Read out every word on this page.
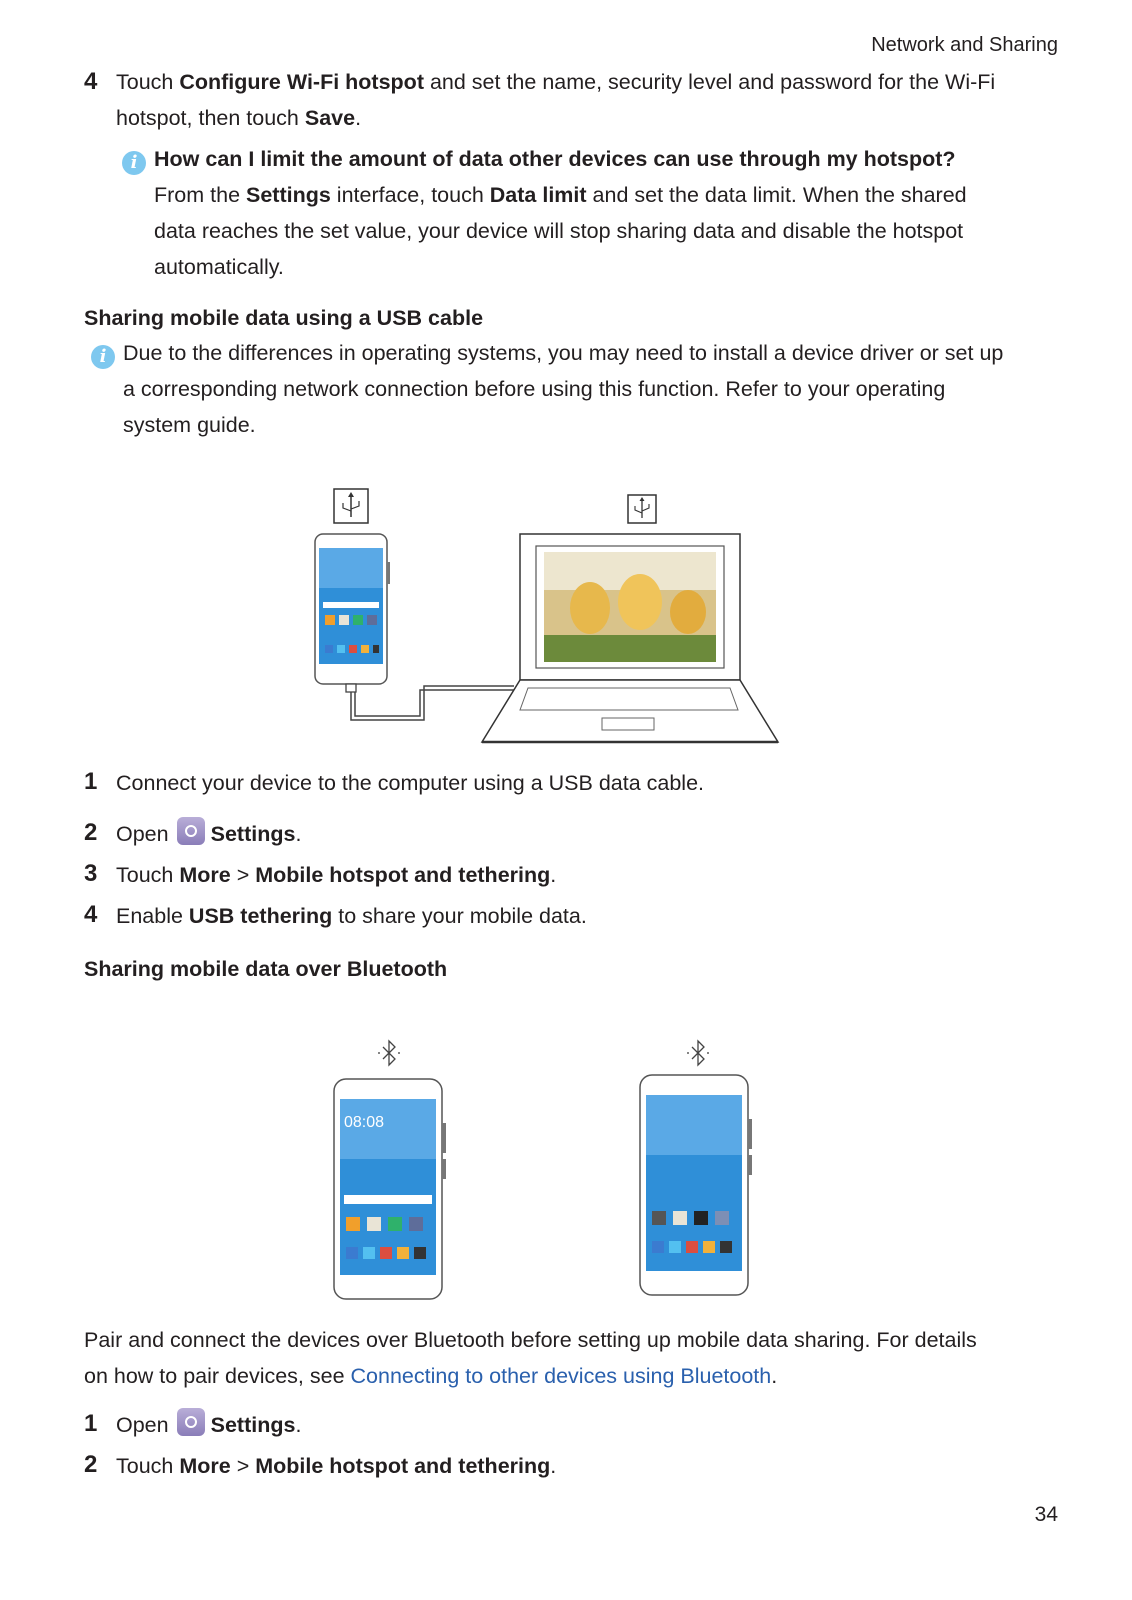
Network and Sharing
4 Touch Configure Wi-Fi hotspot and set the name, security level and password for the Wi-Fi
hotspot, then touch Save.
i How can I limit the amount of data other devices can use through my hotspot?
From the Settings interface, touch Data limit and set the data limit. When the shared
data reaches the set value, your device will stop sharing data and disable the hotspot
automatically.
Sharing mobile data using a USB cable
i Due to the differences in operating systems, you may need to install a device driver or set up
a corresponding network connection before using this function. Refer to your operating
system guide.
1 Connect your device to the computer using a USB data cable.
2 Open Settings.
3 Touch More > Mobile hotspot and tethering.
4 Enable USB tethering to share your mobile data.
Sharing mobile data over Bluetooth
08:08
Pair and connect the devices over Bluetooth before setting up mobile data sharing. For details
on how to pair devices, see Connecting to other devices using Bluetooth.
1 Open Settings.
2 Touch More > Mobile hotspot and tethering.
34
